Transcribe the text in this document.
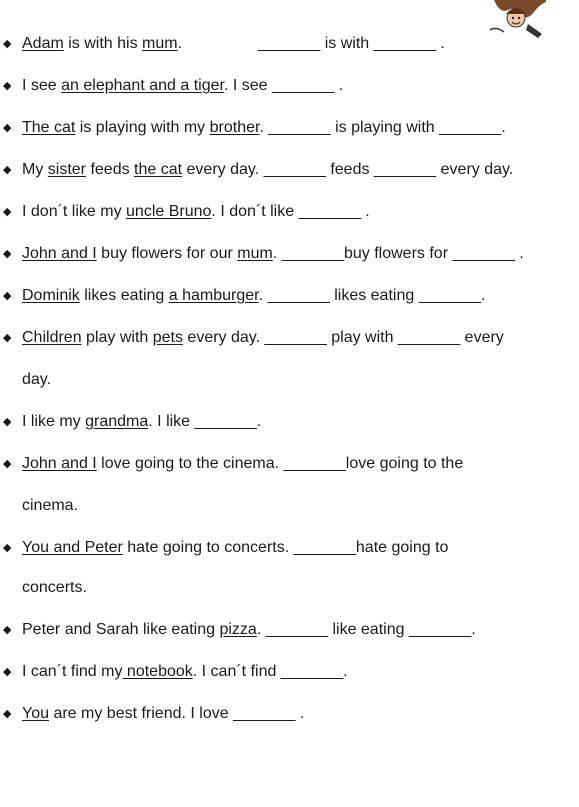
◆ Adam is with his mum.	_______ is with _______ .
◆ I see an elephant and a tiger. I see _______ .
◆ The cat is playing with my brother. _______ is playing with _______.
◆ My sister feeds the cat every day. _______ feeds _______ every day.
◆ I don´t like my uncle Bruno. I don´t like _______ .
◆ John and I buy flowers for our mum. _______buy flowers for _______ .
◆ Dominik likes eating a hamburger. _______ likes eating _______.
◆ Children play with pets every day. _______ play with _______ every
day.
◆ I like my grandma. I like _______.
◆ John and I love going to the cinema. _______love going to the
cinema.
◆ You and Peter hate going to concerts. _______hate going to
concerts.
◆ Peter and Sarah like eating pizza. _______ like eating _______.
◆ I can´t find my notebook. I can´t find _______.
◆ You are my best friend. I love _______ .
